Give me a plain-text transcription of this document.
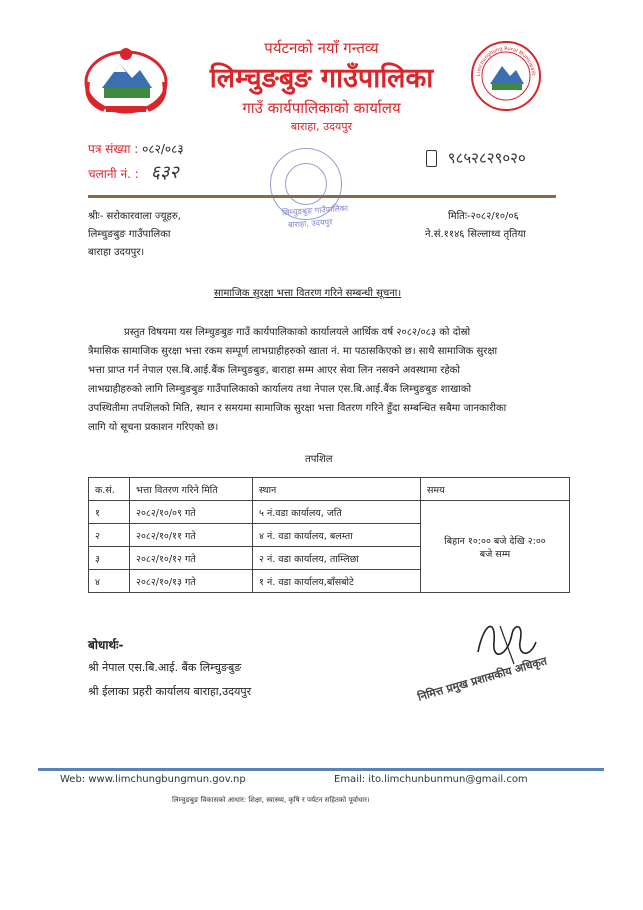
Limchungbung Rural Municipalit
पर्यटनको नयाँ गन्तव्य
लिम्चुङबुङ गाउँपालिका
गाउँ कार्यपालिकाको कार्यालय
बाराहा, उदयपुर
पत्र संख्या : ०८२/०८३
चलानी नं. : ६३२
९८५२८२९०२०
लिम्चुङबुङ गाउँपालिका
बाराहा, उदयपुर
श्रीः- सरोकारवाला ज्यूहरु,
लिम्चुङबुङ गाउँपालिका
बाराहा उदयपुर।
मितिः-२०८२/१०/०६
ने.सं.११४६ सिल्लाथ्व तृतिया
सामाजिक सुरक्षा भत्ता वितरण गरिने सम्बन्धी सूचना।
प्रस्तुत विषयमा यस लिम्चुङबुङ गाउँ कार्यपालिकाको कार्यालयले आर्थिक वर्ष २०८२/०८३ को दोस्रो
त्रैमासिक सामाजिक सुरक्षा भत्ता रकम सम्पूर्ण लाभग्राहीहरुको खाता नं. मा पठासकिएको छ। साथै सामाजिक सुरक्षा
भत्ता प्राप्त गर्न नेपाल एस.बि.आई.बैंक लिम्चुङबुङ, बाराहा सम्म आएर सेवा लिन नसक्ने अवस्थामा रहेको
लाभग्राहीहरुको लागि लिम्चुङबुङ गाउँपालिकाको कार्यालय तथा नेपाल एस.बि.आई.बैंक लिम्चुङबुङ शाखाको
उपस्थितीमा तपशिलको मिति, स्थान र समयमा सामाजिक सुरक्षा भत्ता वितरण गरिने हुँदा सम्बन्धित सबैमा जानकारीका
लागि यो सूचना प्रकाशन गरिएको छ।
तपशिल
क.सं.	भत्ता वितरण गरिने मिति	स्थान	समय
१	२०८२/१०/०९ गते	५ नं.वडा कार्यालय, जति	बिहान १०:०० बजे देखि २:००
बजे सम्म

२	२०८२/१०/११ गते	४ नं. वडा कार्यालय, बलम्ता	
३	२०८२/१०/१२ गते	२ नं. वडा कार्यालय, ताम्लिछा	
४	२०८२/१०/१३ गते	१ नं. वडा कार्यालय,बाँसबोटे	
बोधार्थः-
श्री नेपाल एस.बि.आई. बैंक लिम्चुङबुङ
श्री ईलाका प्रहरी कार्यालय बाराहा,उदयपुर	निमित्त प्रमुख प्रशासकीय अधिकृत
Web: www.limchungbungmun.gov.np	Email: ito.limchunbunmun@gmail.com
लिम्चुङबुङ विकासको आधार: शिक्षा, स्वास्थ्य, कृषि र पर्यटन सहितको पूर्वाधार।
